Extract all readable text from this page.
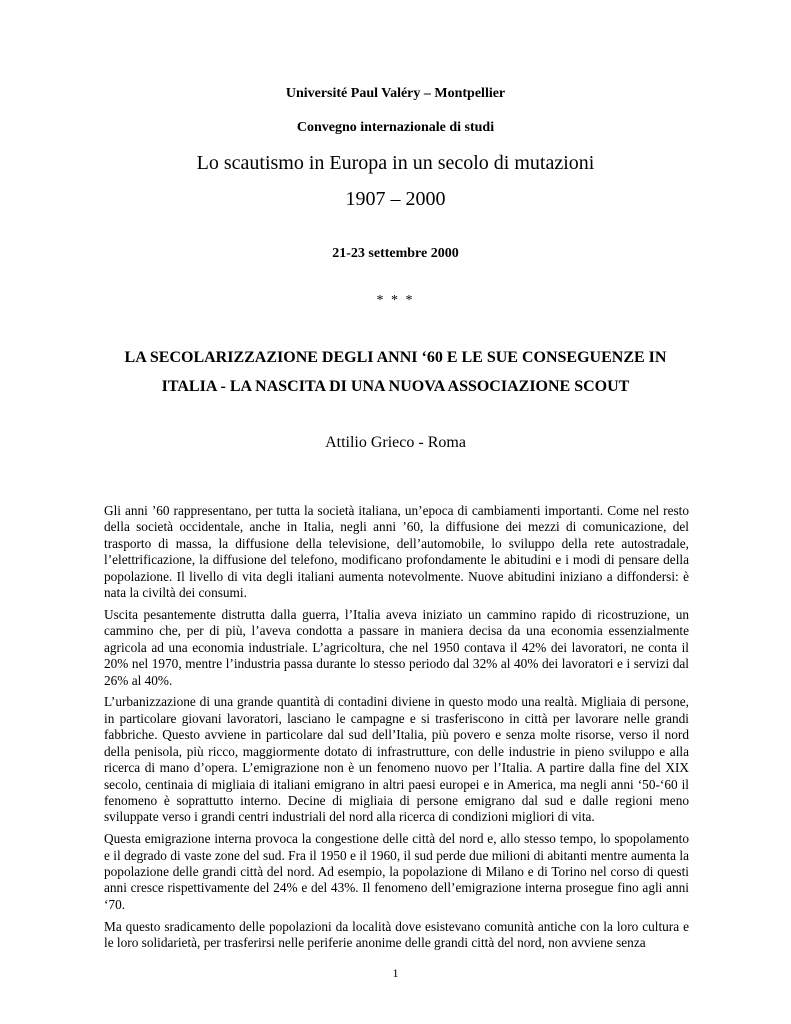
Université Paul Valéry – Montpellier
Convegno internazionale di studi
Lo scautismo in Europa in un secolo di mutazioni
1907 – 2000
21-23 settembre 2000
* * *
LA SECOLARIZZAZIONE DEGLI ANNI ‘60 E LE SUE CONSEGUENZE IN ITALIA - LA NASCITA DI UNA NUOVA ASSOCIAZIONE SCOUT
Attilio Grieco - Roma

Gli anni ’60 rappresentano, per tutta la società italiana, un’epoca di cambiamenti importanti. Come nel resto della società occidentale, anche in Italia, negli anni ’60, la diffusione dei mezzi di comunicazione, del trasporto di massa, la diffusione della televisione, dell’automobile, lo sviluppo della rete autostradale, l’elettrificazione, la diffusione del telefono, modificano profondamente le abitudini e i modi di pensare della popolazione. Il livello di vita degli italiani aumenta notevolmente. Nuove abitudini iniziano a diffondersi: è nata la civiltà dei consumi.

Uscita pesantemente distrutta dalla guerra, l’Italia aveva iniziato un cammino rapido di ricostruzione, un cammino che, per di più, l’aveva condotta a passare in maniera decisa da una economia essenzialmente agricola ad una economia industriale. L’agricoltura, che nel 1950 contava il 42% dei lavoratori, ne conta il 20% nel 1970, mentre l’industria passa durante lo stesso periodo dal 32% al 40% dei lavoratori e i servizi dal 26% al 40%.

L’urbanizzazione di una grande quantità di contadini diviene in questo modo una realtà. Migliaia di persone, in particolare giovani lavoratori, lasciano le campagne e si trasferiscono in città per lavorare nelle grandi fabbriche. Questo avviene in particolare dal sud dell’Italia, più povero e senza molte risorse, verso il nord della penisola, più ricco, maggiormente dotato di infrastrutture, con delle industrie in pieno sviluppo e alla ricerca di mano d’opera. L’emigrazione non è un fenomeno nuovo per l’Italia. A partire dalla fine del XIX secolo, centinaia di migliaia di italiani emigrano in altri paesi europei e in America, ma negli anni ‘50-‘60 il fenomeno è soprattutto interno. Decine di migliaia di persone emigrano dal sud e dalle regioni meno sviluppate verso i grandi centri industriali del nord alla ricerca di condizioni migliori di vita.

Questa emigrazione interna provoca la congestione delle città del nord e, allo stesso tempo, lo spopolamento e il degrado di vaste zone del sud. Fra il 1950 e il 1960, il sud perde due milioni di abitanti mentre aumenta la popolazione delle grandi città del nord. Ad esempio, la popolazione di Milano e di Torino nel corso di questi anni cresce rispettivamente del 24% e del 43%. Il fenomeno dell’emigrazione interna prosegue fino agli anni ‘70.

Ma questo sradicamento delle popolazioni da località dove esistevano comunità antiche con la loro cultura e le loro solidarietà, per trasferirsi nelle periferie anonime delle grandi città del nord, non avviene senza

1
